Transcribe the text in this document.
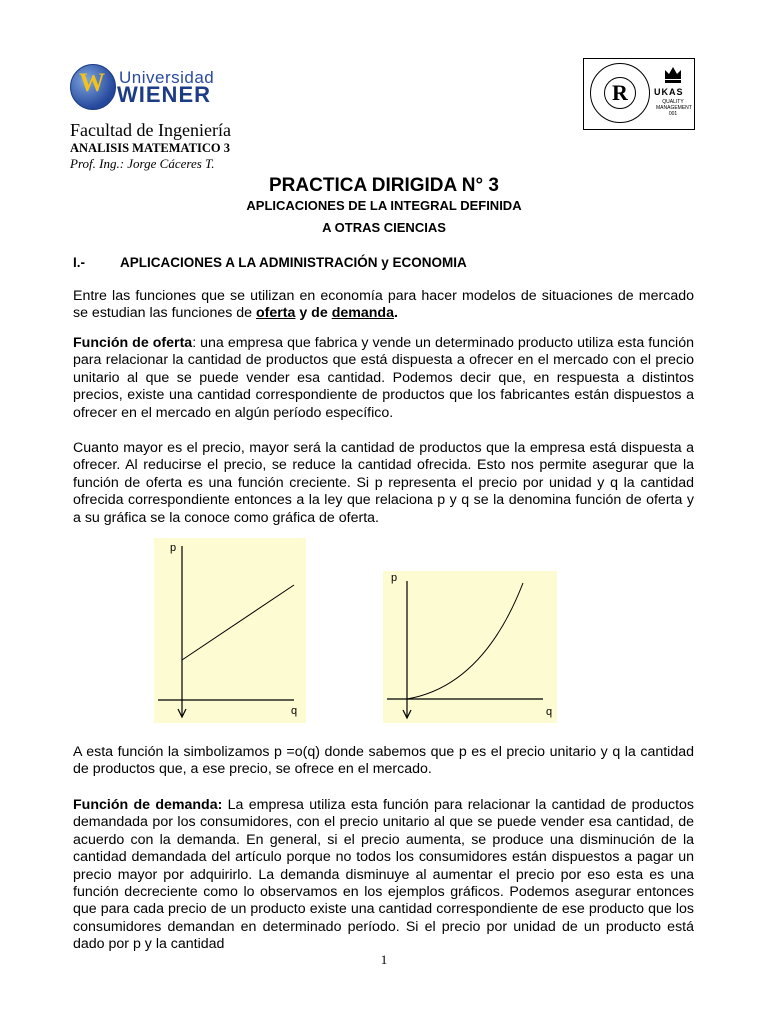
W Universidad
WIENER	R	UKAS
QUALITY MANAGEMENT
001
Facultad de Ingeniería
ANALISIS MATEMATICO 3
Prof. Ing.: Jorge Cáceres T.
PRACTICA DIRIGIDA N° 3
APLICACIONES DE LA INTEGRAL DEFINIDA
A OTRAS CIENCIAS
I.-	APLICACIONES A LA ADMINISTRACIÓN y ECONOMIA
Entre las funciones que se utilizan en economía para hacer modelos de situaciones de mercado se estudian las funciones de oferta y de demanda.
Función de oferta: una empresa que fabrica y vende un determinado producto utiliza esta función para relacionar la cantidad de productos que está dispuesta a ofrecer en el mercado con el precio unitario al que se puede vender esa cantidad. Podemos decir que, en respuesta a distintos precios, existe una cantidad correspondiente de productos que los fabricantes están dispuestos a ofrecer en el mercado en algún período específico.
Cuanto mayor es el precio, mayor será la cantidad de productos que la empresa está dispuesta a ofrecer. Al reducirse el precio, se reduce la cantidad ofrecida. Esto nos permite asegurar que la función de oferta es una función creciente. Si p representa el precio por unidad y q la cantidad ofrecida correspondiente entonces a la ley que relaciona p y q se la denomina función de oferta y a su gráfica se la conoce como gráfica de oferta.
p
q
p
q
A esta función la simbolizamos p =o(q) donde sabemos que p es el precio unitario y q la cantidad de productos que, a ese precio, se ofrece en el mercado.
Función de demanda: La empresa utiliza esta función para relacionar la cantidad de productos demandada por los consumidores, con el precio unitario al que se puede vender esa cantidad, de acuerdo con la demanda. En general, si el precio aumenta, se produce una disminución de la cantidad demandada del artículo porque no todos los consumidores están dispuestos a pagar un precio mayor por adquirirlo. La demanda disminuye al aumentar el precio por eso esta es una función decreciente como lo observamos en los ejemplos gráficos. Podemos asegurar entonces que para cada precio de un producto existe una cantidad correspondiente de ese producto que los consumidores demandan en determinado período. Si el precio por unidad de un producto está dado por p y la cantidad
1
